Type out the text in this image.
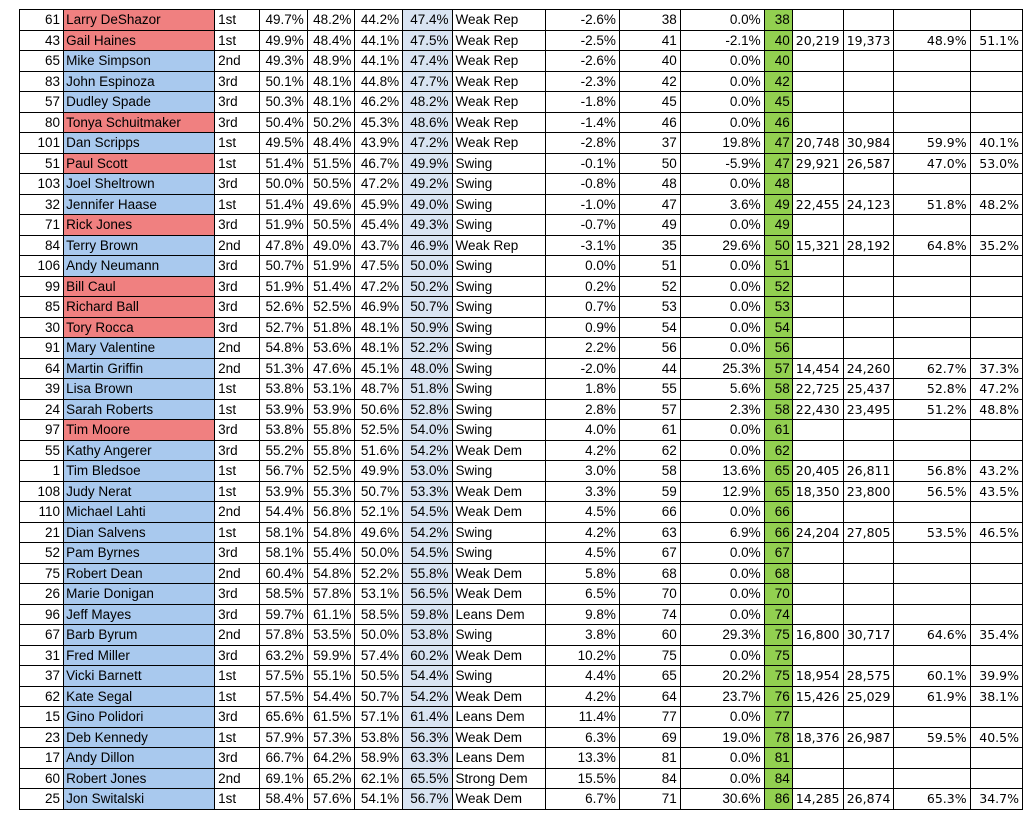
61	Larry DeShazor	1st	49.7%	48.2%	44.2%	47.4%	Weak Rep	-2.6%	38	0.0%	38				
43	Gail Haines	1st	49.9%	48.4%	44.1%	47.5%	Weak Rep	-2.5%	41	-2.1%	40	20,219	19,373	48.9%	51.1%
65	Mike Simpson	2nd	49.3%	48.9%	44.1%	47.4%	Weak Rep	-2.6%	40	0.0%	40				
83	John Espinoza	3rd	50.1%	48.1%	44.8%	47.7%	Weak Rep	-2.3%	42	0.0%	42				
57	Dudley Spade	3rd	50.3%	48.1%	46.2%	48.2%	Weak Rep	-1.8%	45	0.0%	45				
80	Tonya Schuitmaker	3rd	50.4%	50.2%	45.3%	48.6%	Weak Rep	-1.4%	46	0.0%	46				
101	Dan Scripps	1st	49.5%	48.4%	43.9%	47.2%	Weak Rep	-2.8%	37	19.8%	47	20,748	30,984	59.9%	40.1%
51	Paul Scott	1st	51.4%	51.5%	46.7%	49.9%	Swing	-0.1%	50	-5.9%	47	29,921	26,587	47.0%	53.0%
103	Joel Sheltrown	3rd	50.0%	50.5%	47.2%	49.2%	Swing	-0.8%	48	0.0%	48				
32	Jennifer Haase	1st	51.4%	49.6%	45.9%	49.0%	Swing	-1.0%	47	3.6%	49	22,455	24,123	51.8%	48.2%
71	Rick Jones	3rd	51.9%	50.5%	45.4%	49.3%	Swing	-0.7%	49	0.0%	49				
84	Terry Brown	2nd	47.8%	49.0%	43.7%	46.9%	Weak Rep	-3.1%	35	29.6%	50	15,321	28,192	64.8%	35.2%
106	Andy Neumann	3rd	50.7%	51.9%	47.5%	50.0%	Swing	0.0%	51	0.0%	51				
99	Bill Caul	3rd	51.9%	51.4%	47.2%	50.2%	Swing	0.2%	52	0.0%	52				
85	Richard Ball	3rd	52.6%	52.5%	46.9%	50.7%	Swing	0.7%	53	0.0%	53				
30	Tory Rocca	3rd	52.7%	51.8%	48.1%	50.9%	Swing	0.9%	54	0.0%	54				
91	Mary Valentine	2nd	54.8%	53.6%	48.1%	52.2%	Swing	2.2%	56	0.0%	56				
64	Martin Griffin	2nd	51.3%	47.6%	45.1%	48.0%	Swing	-2.0%	44	25.3%	57	14,454	24,260	62.7%	37.3%
39	Lisa Brown	1st	53.8%	53.1%	48.7%	51.8%	Swing	1.8%	55	5.6%	58	22,725	25,437	52.8%	47.2%
24	Sarah Roberts	1st	53.9%	53.9%	50.6%	52.8%	Swing	2.8%	57	2.3%	58	22,430	23,495	51.2%	48.8%
97	Tim Moore	3rd	53.8%	55.8%	52.5%	54.0%	Swing	4.0%	61	0.0%	61				
55	Kathy Angerer	3rd	55.2%	55.8%	51.6%	54.2%	Weak Dem	4.2%	62	0.0%	62				
1	Tim Bledsoe	1st	56.7%	52.5%	49.9%	53.0%	Swing	3.0%	58	13.6%	65	20,405	26,811	56.8%	43.2%
108	Judy Nerat	1st	53.9%	55.3%	50.7%	53.3%	Weak Dem	3.3%	59	12.9%	65	18,350	23,800	56.5%	43.5%
110	Michael Lahti	2nd	54.4%	56.8%	52.1%	54.5%	Weak Dem	4.5%	66	0.0%	66				
21	Dian Salvens	1st	58.1%	54.8%	49.6%	54.2%	Swing	4.2%	63	6.9%	66	24,204	27,805	53.5%	46.5%
52	Pam Byrnes	3rd	58.1%	55.4%	50.0%	54.5%	Swing	4.5%	67	0.0%	67				
75	Robert Dean	2nd	60.4%	54.8%	52.2%	55.8%	Weak Dem	5.8%	68	0.0%	68				
26	Marie Donigan	3rd	58.5%	57.8%	53.1%	56.5%	Weak Dem	6.5%	70	0.0%	70				
96	Jeff Mayes	3rd	59.7%	61.1%	58.5%	59.8%	Leans Dem	9.8%	74	0.0%	74				
67	Barb Byrum	2nd	57.8%	53.5%	50.0%	53.8%	Swing	3.8%	60	29.3%	75	16,800	30,717	64.6%	35.4%
31	Fred Miller	3rd	63.2%	59.9%	57.4%	60.2%	Weak Dem	10.2%	75	0.0%	75				
37	Vicki Barnett	1st	57.5%	55.1%	50.5%	54.4%	Swing	4.4%	65	20.2%	75	18,954	28,575	60.1%	39.9%
62	Kate Segal	1st	57.5%	54.4%	50.7%	54.2%	Weak Dem	4.2%	64	23.7%	76	15,426	25,029	61.9%	38.1%
15	Gino Polidori	3rd	65.6%	61.5%	57.1%	61.4%	Leans Dem	11.4%	77	0.0%	77				
23	Deb Kennedy	1st	57.9%	57.3%	53.8%	56.3%	Weak Dem	6.3%	69	19.0%	78	18,376	26,987	59.5%	40.5%
17	Andy Dillon	3rd	66.7%	64.2%	58.9%	63.3%	Leans Dem	13.3%	81	0.0%	81				
60	Robert Jones	2nd	69.1%	65.2%	62.1%	65.5%	Strong Dem	15.5%	84	0.0%	84				
25	Jon Switalski	1st	58.4%	57.6%	54.1%	56.7%	Weak Dem	6.7%	71	30.6%	86	14,285	26,874	65.3%	34.7%
